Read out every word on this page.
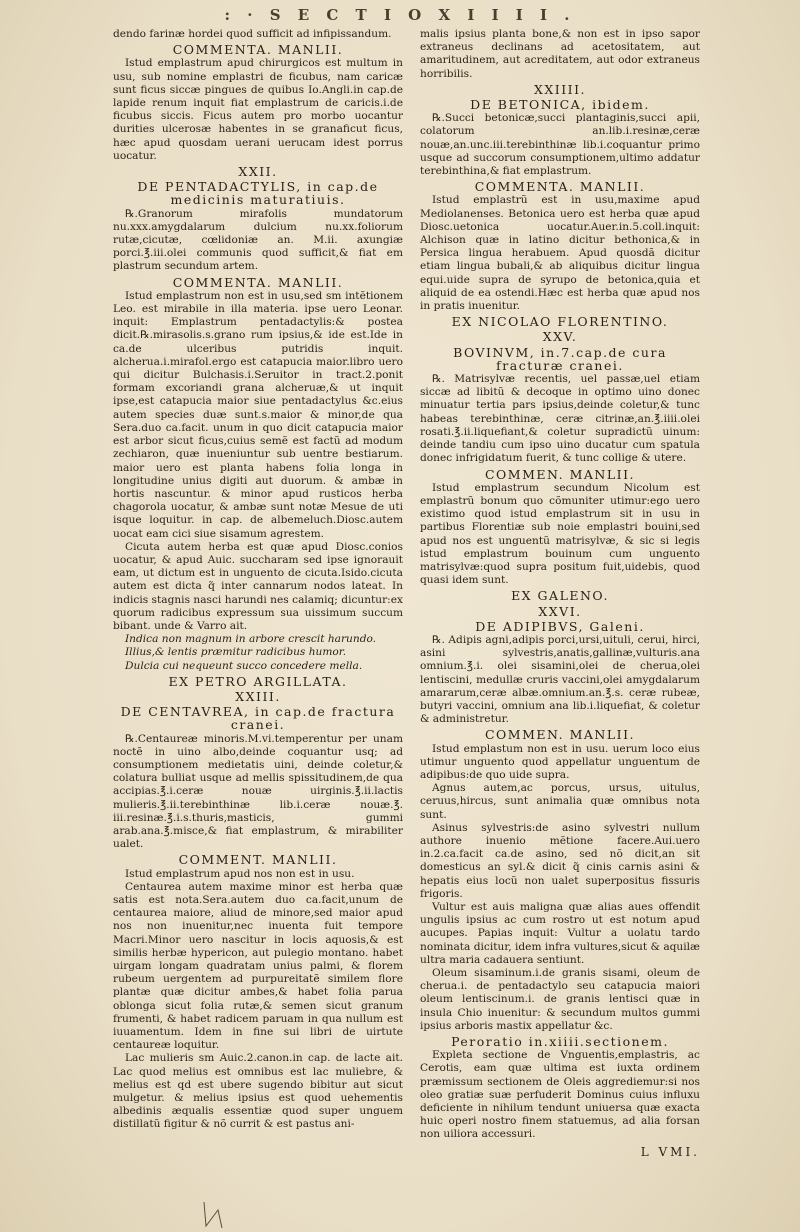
: · S E C T I O X I I I I .

dendo farinæ hordei quod sufficit ad infipissandum.

COMMENTA. MANLII.

Istud emplastrum apud chirurgicos est multum in usu, sub nomine emplastri de ficubus, nam caricæ sunt ficus siccæ pingues de quibus Io.Angli.in cap.de lapide renum inquit fiat emplastrum de caricis.i.de ficubus siccis. Ficus autem pro morbo uocantur durities ulcerosæ habentes in se granaficut ficus, hæc apud quosdam uerani uerucam idest porrus uocatur.

XXII.
DE PENTADACTYLIS, in cap.de medicinis maturatiuis.

℞.Granorum mirafolis mundatorum nu.xxx.amygdalarum dulcium nu.xx.foliorum rutæ,cicutæ, cœlidoniæ an. M.ii. axungiæ porci.℥.iii.olei communis quod sufficit,& fiat em plastrum secundum artem.

COMMENTA. MANLII.

Istud emplastrum non est in usu,sed sm intẽtionem Leo. est mirabile in illa materia. ipse uero Leonar. inquit: Emplastrum pentadactylis:& postea dicit.℞.mirasolis.s.grano rum ipsius,& ide est.Ide in ca.de ulceribus putridis inquit. alcherua.i.mirafol.ergo est catapucia maior.libro uero qui dicitur Bulchasis.i.Seruitor in tract.2.ponit formam excoriandi grana alcheruæ,& ut inquit ipse,est catapucia maior siue pentadactylus &c.eius autem species duæ sunt.s.maior & minor,de qua Sera.duo ca.facit. unum in quo dicit catapucia maior est arbor sicut ficus,cuius semẽ est factũ ad modum zechiaron, quæ inueniuntur sub uentre bestiarum. maior uero est planta habens folia longa in longitudine unius digiti aut duorum. & ambæ in hortis nascuntur. & minor apud rusticos herba chagorola uocatur, & ambæ sunt notæ Mesue de uti isque loquitur. in cap. de albemeluch.Diosc.autem uocat eam cici siue sisamum agrestem.

Cicuta autem herba est quæ apud Diosc.conios uocatur, & apud Auic. succharam sed ipse ignorauit eam, ut dictum est in unguento de cicuta.Isido.cicuta autem est dicta q̃ inter cannarum nodos lateat. In indicis stagnis nasci harundi nes calamiq; dicuntur:ex quorum radicibus expressum sua uissimum succum bibant. unde & Varro ait.

Indica non magnum in arbore crescit harundo.

Illius,& lentis præmitur radicibus humor.

Dulcia cui nequeunt succo concedere mella.

EX PETRO ARGILLATA.
XXIII.
DE CENTAVREA, in cap.de fractura cranei.

℞.Centaureæ minoris.M.vi.temperentur per unam noctẽ in uino albo,deinde coquantur usq; ad consumptionem medietatis uini, deinde coletur,& colatura bulliat usque ad mellis spissitudinem,de qua accipias.℥.i.ceræ nouæ uirginis.℥.ii.lactis mulieris.℥.ii.terebinthinæ lib.i.ceræ nouæ.℥. iii.resinæ.℥.i.s.thuris,masticis, gummi arab.ana.℥.misce,& fiat emplastrum, & mirabiliter ualet.

COMMENT. MANLII.

Istud emplastrum apud nos non est in usu.

Centaurea autem maxime minor est herba quæ satis est nota.Sera.autem duo ca.facit,unum de centaurea maiore, aliud de minore,sed maior apud nos non inuenitur,nec inuenta fuit tempore Macri.Minor uero nascitur in locis aquosis,& est similis herbæ hypericon, aut pulegio montano. habet uirgam longam quadratam unius palmi, & florem rubeum uergentem ad purpureitatẽ similem flore plantæ quæ dicitur ambes,& habet folia parua oblonga sicut folia rutæ,& semen sicut granum frumenti, & habet radicem paruam in qua nullum est iuuamentum. Idem in fine sui libri de uirtute centaureæ loquitur.

Lac mulieris sm Auic.2.canon.in cap. de lacte ait. Lac quod melius est omnibus est lac muliebre, & melius est qd est ubere sugendo bibitur aut sicut mulgetur. & melius ipsius est quod uehementis albedinis æqualis essentiæ quod super unguem distillatũ figitur & nõ currit & est pastus ani-

malis ipsius planta bone,& non est in ipso sapor extraneus declinans ad acetositatem, aut amaritudinem, aut acreditatem, aut odor extraneus horribilis.

XXIIII.
DE BETONICA, ibidem.

℞.Succi betonicæ,succi plantaginis,succi apii, colatorum an.lib.i.resinæ,ceræ nouæ,an.unc.iii.terebinthinæ lib.i.coquantur primo usque ad succorum consumptionem,ultimo addatur terebinthina,& fiat emplastrum.

COMMENTA. MANLII.

Istud emplastrũ est in usu,maxime apud Mediolanenses. Betonica uero est herba quæ apud Diosc.uetonica uocatur.Auer.in.5.coll.inquit: Alchison quæ in latino dicitur bethonica,& in Persica lingua herabuem. Apud quosdã dicitur etiam lingua bubali,& ab aliquibus dicitur lingua equi.uide supra de syrupo de betonica,quia et aliquid de ea ostendi.Hæc est herba quæ apud nos in pratis inuenitur.

EX NICOLAO FLORENTINO.
XXV.
BOVINVM, in.7.cap.de cura fracturæ cranei.

℞. Matrisylvæ recentis, uel passæ,uel etiam siccæ ad libitũ & decoque in optimo uino donec minuatur tertia pars ipsius,deinde coletur,& tunc habeas terebinthinæ, ceræ citrinæ,an.℥.iiii.olei rosati.℥.ii.liquefiant,& coletur supradictũ uinum: deinde tandiu cum ipso uino ducatur cum spatula donec infrigidatum fuerit, & tunc collige & utere.

COMMEN. MANLII.

Istud emplastrum secundum Nicolum est emplastrũ bonum quo cõmuniter utimur:ego uero existimo quod istud emplastrum sit in usu in partibus Florentiæ sub noie emplastri bouini,sed apud nos est unguentũ matrisylvæ, & sic si legis istud emplastrum bouinum cum unguento matrisylvæ:quod supra positum fuit,uidebis, quod quasi idem sunt.

EX GALENO.
XXVI.
DE ADIPIBVS, Galeni.

℞. Adipis agni,adipis porci,ursi,uituli, cerui, hirci, asini sylvestris,anatis,gallinæ,vulturis.ana omnium.℥.i. olei sisamini,olei de cherua,olei lentiscini, medullæ cruris vaccini,olei amygdalarum amararum,ceræ albæ.omnium.an.℥.s. ceræ rubeæ, butyri vaccini, omnium ana lib.i.liquefiat, & coletur & administretur.

COMMEN. MANLII.

Istud emplastum non est in usu. uerum loco eius utimur unguento quod appellatur unguentum de adipibus:de quo uide supra.

Agnus autem,ac porcus, ursus, uitulus, ceruus,hircus, sunt animalia quæ omnibus nota sunt.

Asinus sylvestris:de asino sylvestri nullum authore inuenio mẽtione facere.Aui.uero in.2.ca.facit ca.de asino, sed nõ dicit,an sit domesticus an syl.& dicit q̃ cinis carnis asini & hepatis eius locũ non ualet superpositus fissuris frigoris.

Vultur est auis maligna quæ alias aues offendit ungulis ipsius ac cum rostro ut est notum apud aucupes. Papias inquit: Vultur a uolatu tardo nominata dicitur, idem infra vultures,sicut & aquilæ ultra maria cadauera sentiunt.

Oleum sisaminum.i.de granis sisami, oleum de cherua.i. de pentadactylo seu catapucia maiori oleum lentiscinum.i. de granis lentisci quæ in insula Chio inuenitur: & secundum multos gummi ipsius arboris mastix appellatur &c.

Peroratio in.xiiii.sectionem.

Expleta sectione de Vnguentis,emplastris, ac Cerotis, eam quæ ultima est iuxta ordinem præmissum sectionem de Oleis aggrediemur:si nos oleo gratiæ suæ perfuderit Dominus cuius influxu deficiente in nihilum tendunt uniuersa quæ exacta huic operi nostro finem statuemus, ad alia forsan non uiliora accessuri.

L VMI.
